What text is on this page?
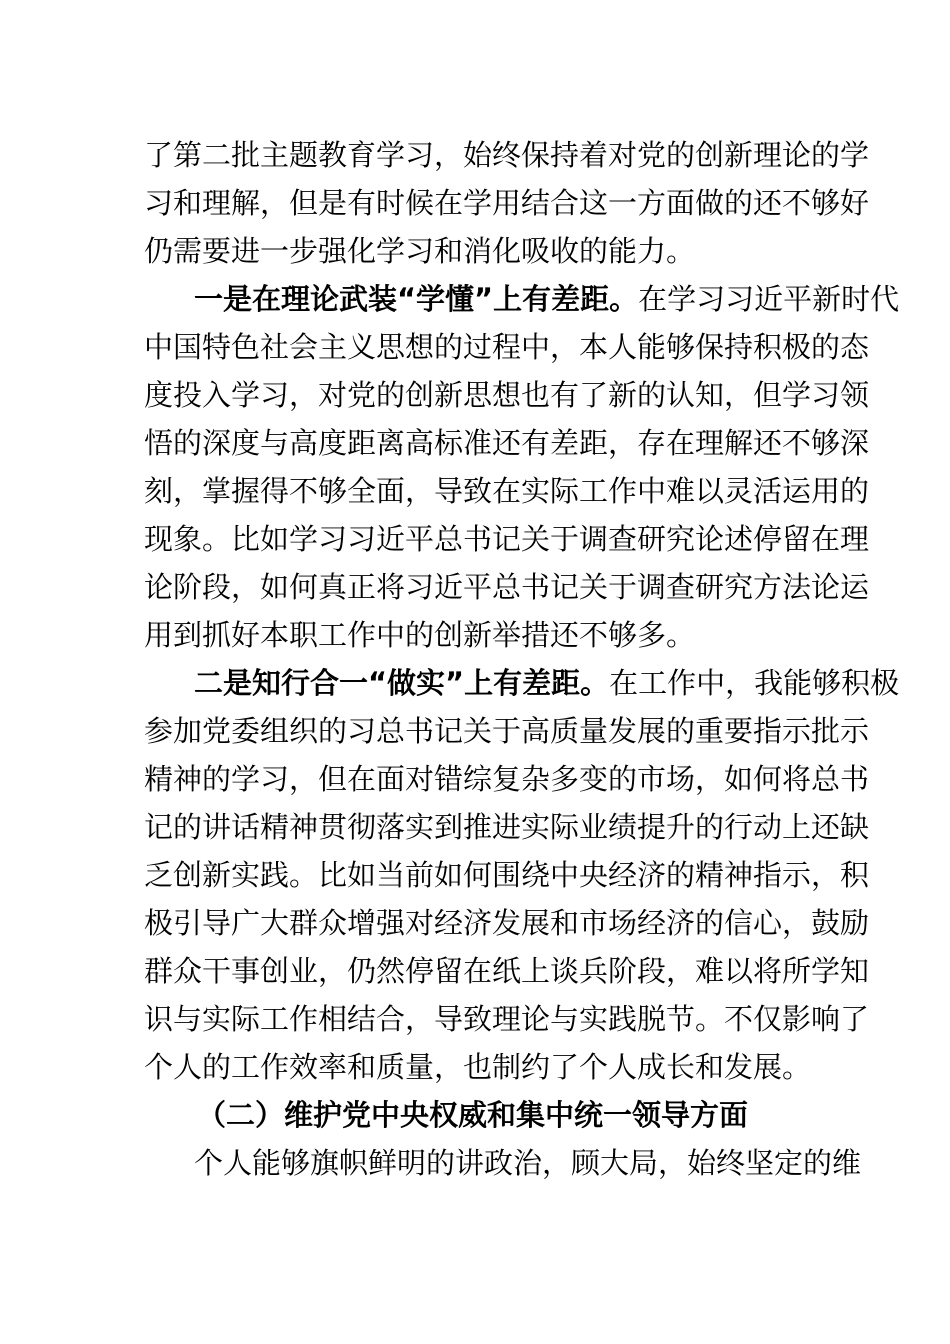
了第二批主题教育学习，始终保持着对党的创新理论的学
习和理解，但是有时候在学用结合这一方面做的还不够好
仍需要进一步强化学习和消化吸收的能力。
一是在理论武装“学懂”上有差距。在学习习近平新时代
中国特色社会主义思想的过程中，本人能够保持积极的态
度投入学习，对党的创新思想也有了新的认知，但学习领
悟的深度与高度距离高标准还有差距，存在理解还不够深
刻，掌握得不够全面，导致在实际工作中难以灵活运用的
现象。比如学习习近平总书记关于调查研究论述停留在理
论阶段，如何真正将习近平总书记关于调查研究方法论运
用到抓好本职工作中的创新举措还不够多。
二是知行合一“做实”上有差距。在工作中，我能够积极
参加党委组织的习总书记关于高质量发展的重要指示批示
精神的学习，但在面对错综复杂多变的市场，如何将总书
记的讲话精神贯彻落实到推进实际业绩提升的行动上还缺
乏创新实践。比如当前如何围绕中央经济的精神指示，积
极引导广大群众增强对经济发展和市场经济的信心，鼓励
群众干事创业，仍然停留在纸上谈兵阶段，难以将所学知
识与实际工作相结合，导致理论与实践脱节。不仅影响了
个人的工作效率和质量，也制约了个人成长和发展。
（二）维护党中央权威和集中统一领导方面
个人能够旗帜鲜明的讲政治，顾大局，始终坚定的维
